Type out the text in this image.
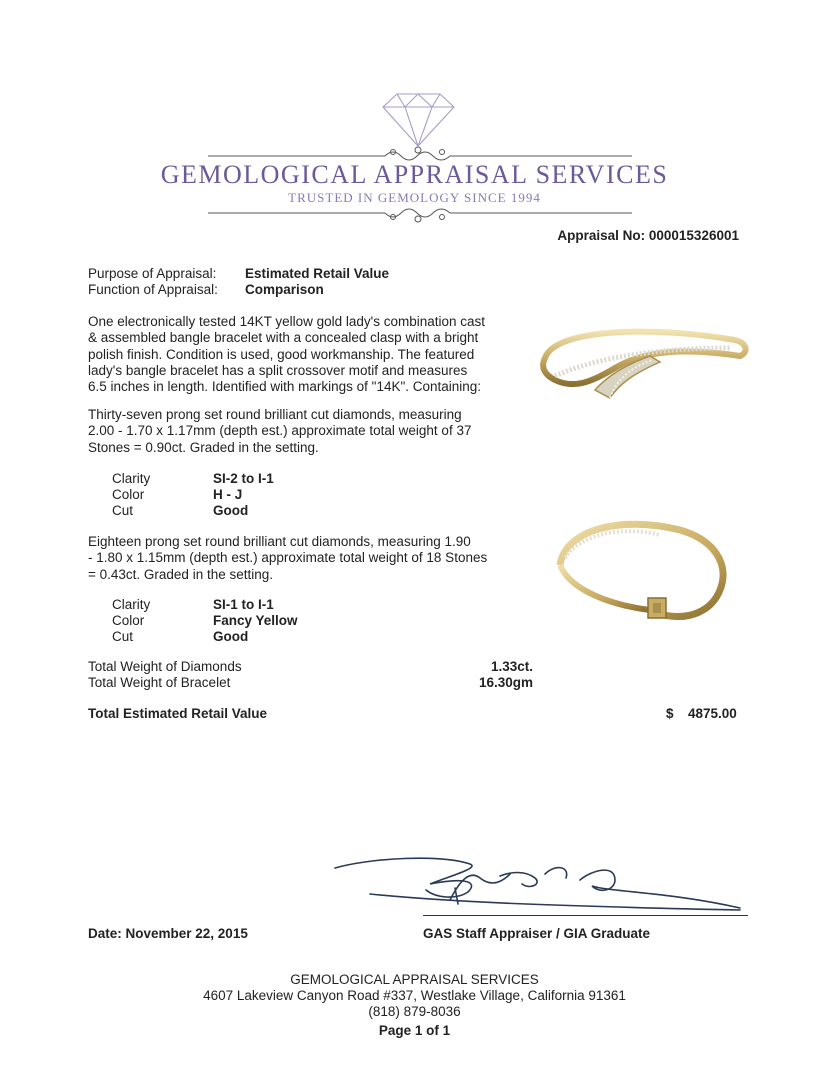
GEMOLOGICAL APPRAISAL SERVICES
TRUSTED IN GEMOLOGY SINCE 1994
Appraisal No: 000015326001
Purpose of Appraisal: Estimated Retail Value
Function of Appraisal: Comparison
One electronically tested 14KT yellow gold lady's combination cast
& assembled bangle bracelet with a concealed clasp with a bright
polish finish. Condition is used, good workmanship. The featured
lady's bangle bracelet has a split crossover motif and measures
6.5 inches in length. Identified with markings of "14K". Containing:
Thirty-seven prong set round brilliant cut diamonds, measuring
2.00 - 1.70 x 1.17mm (depth est.) approximate total weight of 37
Stones = 0.90ct. Graded in the setting.
Clarity	SI-2 to I-1
Color	H - J
Cut	Good
Eighteen prong set round brilliant cut diamonds, measuring 1.90
- 1.80 x 1.15mm (depth est.) approximate total weight of 18 Stones
= 0.43ct. Graded in the setting.
Clarity	SI-1 to I-1
Color	Fancy Yellow
Cut	Good
Total Weight of Diamonds	1.33ct.
Total Weight of Bracelet	16.30gm
Total Estimated Retail Value	$ 4875.00
Date: November 22, 2015	GAS Staff Appraiser / GIA Graduate
GEMOLOGICAL APPRAISAL SERVICES
4607 Lakeview Canyon Road #337, Westlake Village, California 91361
(818) 879-8036
Page 1 of 1
